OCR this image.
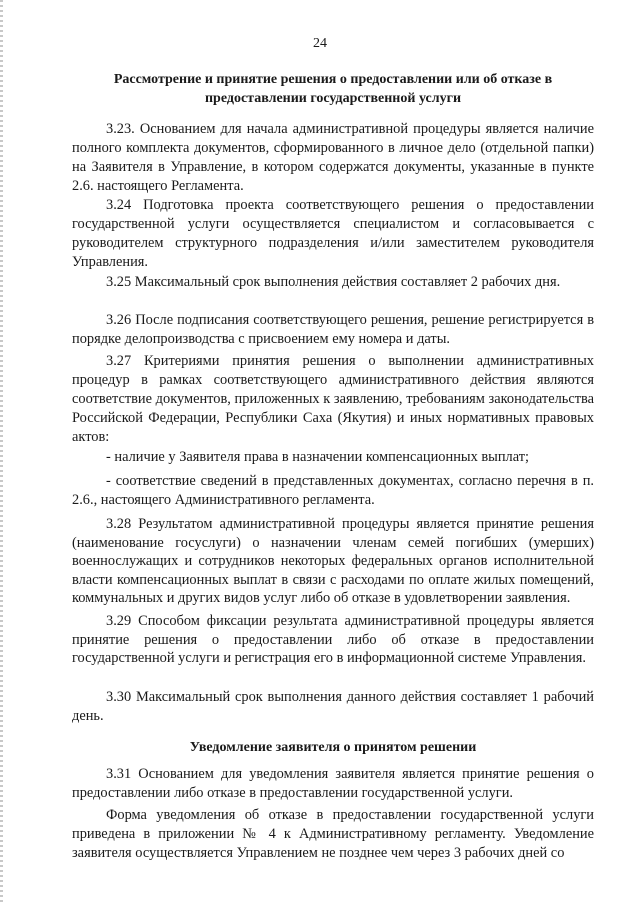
24

Рассмотрение и принятие решения о предоставлении или об отказе в предоставлении государственной услуги

3.23. Основанием для начала административной процедуры является наличие полного комплекта документов, сформированного в личное дело (отдельной папки) на Заявителя в Управление, в котором содержатся документы, указанные в пункте 2.6. настоящего Регламента.

3.24 Подготовка проекта соответствующего решения о предоставлении государственной услуги осуществляется специалистом и согласовывается с руководителем структурного подразделения и/или заместителем руководителя Управления.

3.25 Максимальный срок выполнения действия составляет 2 рабочих дня.

3.26 После подписания соответствующего решения, решение регистрируется в порядке делопроизводства с присвоением ему номера и даты.

3.27 Критериями принятия решения о выполнении административных процедур в рамках соответствующего административного действия являются соответствие документов, приложенных к заявлению, требованиям законодательства Российской Федерации, Республики Саха (Якутия) и иных нормативных правовых актов:

- наличие у Заявителя права в назначении компенсационных выплат;

- соответствие сведений в представленных документах, согласно перечня в п. 2.6., настоящего Административного регламента.

3.28 Результатом административной процедуры является принятие решения (наименование госуслуги) о назначении членам семей погибших (умерших) военнослужащих и сотрудников некоторых федеральных органов исполнительной власти компенсационных выплат в связи с расходами по оплате жилых помещений, коммунальных и других видов услуг либо об отказе в удовлетворении заявления.

3.29 Способом фиксации результата административной процедуры является принятие решения о предоставлении либо об отказе в предоставлении государственной услуги и регистрация его в информационной системе Управления.

3.30 Максимальный срок выполнения данного действия составляет 1 рабочий день.

Уведомление заявителя о принятом решении

3.31 Основанием для уведомления заявителя является принятие решения о предоставлении либо отказе в предоставлении государственной услуги.

Форма уведомления об отказе в предоставлении государственной услуги приведена в приложении № 4 к Административному регламенту. Уведомление заявителя осуществляется Управлением не позднее чем через 3 рабочих дней со
